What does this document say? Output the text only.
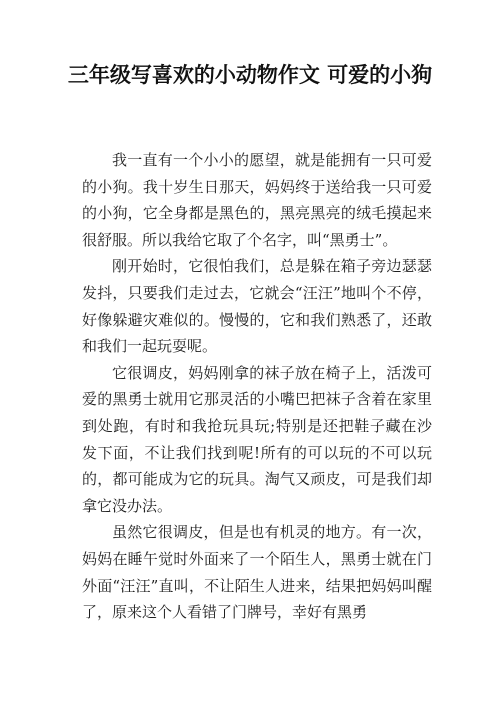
三年级写喜欢的小动物作文 可爱的小狗

我一直有一个小小的愿望，就是能拥有一只可爱的小狗。我十岁生日那天，妈妈终于送给我一只可爱的小狗，它全身都是黑色的，黑亮黑亮的绒毛摸起来很舒服。所以我给它取了个名字，叫“黑勇士”。

刚开始时，它很怕我们，总是躲在箱子旁边瑟瑟发抖，只要我们走过去，它就会“汪汪”地叫个不停，好像躲避灾难似的。慢慢的，它和我们熟悉了，还敢和我们一起玩耍呢。

它很调皮，妈妈刚拿的袜子放在椅子上，活泼可爱的黑勇士就用它那灵活的小嘴巴把袜子含着在家里到处跑，有时和我抢玩具玩;特别是还把鞋子藏在沙发下面，不让我们找到呢!所有的可以玩的不可以玩的，都可能成为它的玩具。淘气又顽皮，可是我们却拿它没办法。

虽然它很调皮，但是也有机灵的地方。有一次，妈妈在睡午觉时外面来了一个陌生人，黑勇士就在门外面“汪汪”直叫，不让陌生人进来，结果把妈妈叫醒了，原来这个人看错了门牌号，幸好有黑勇
